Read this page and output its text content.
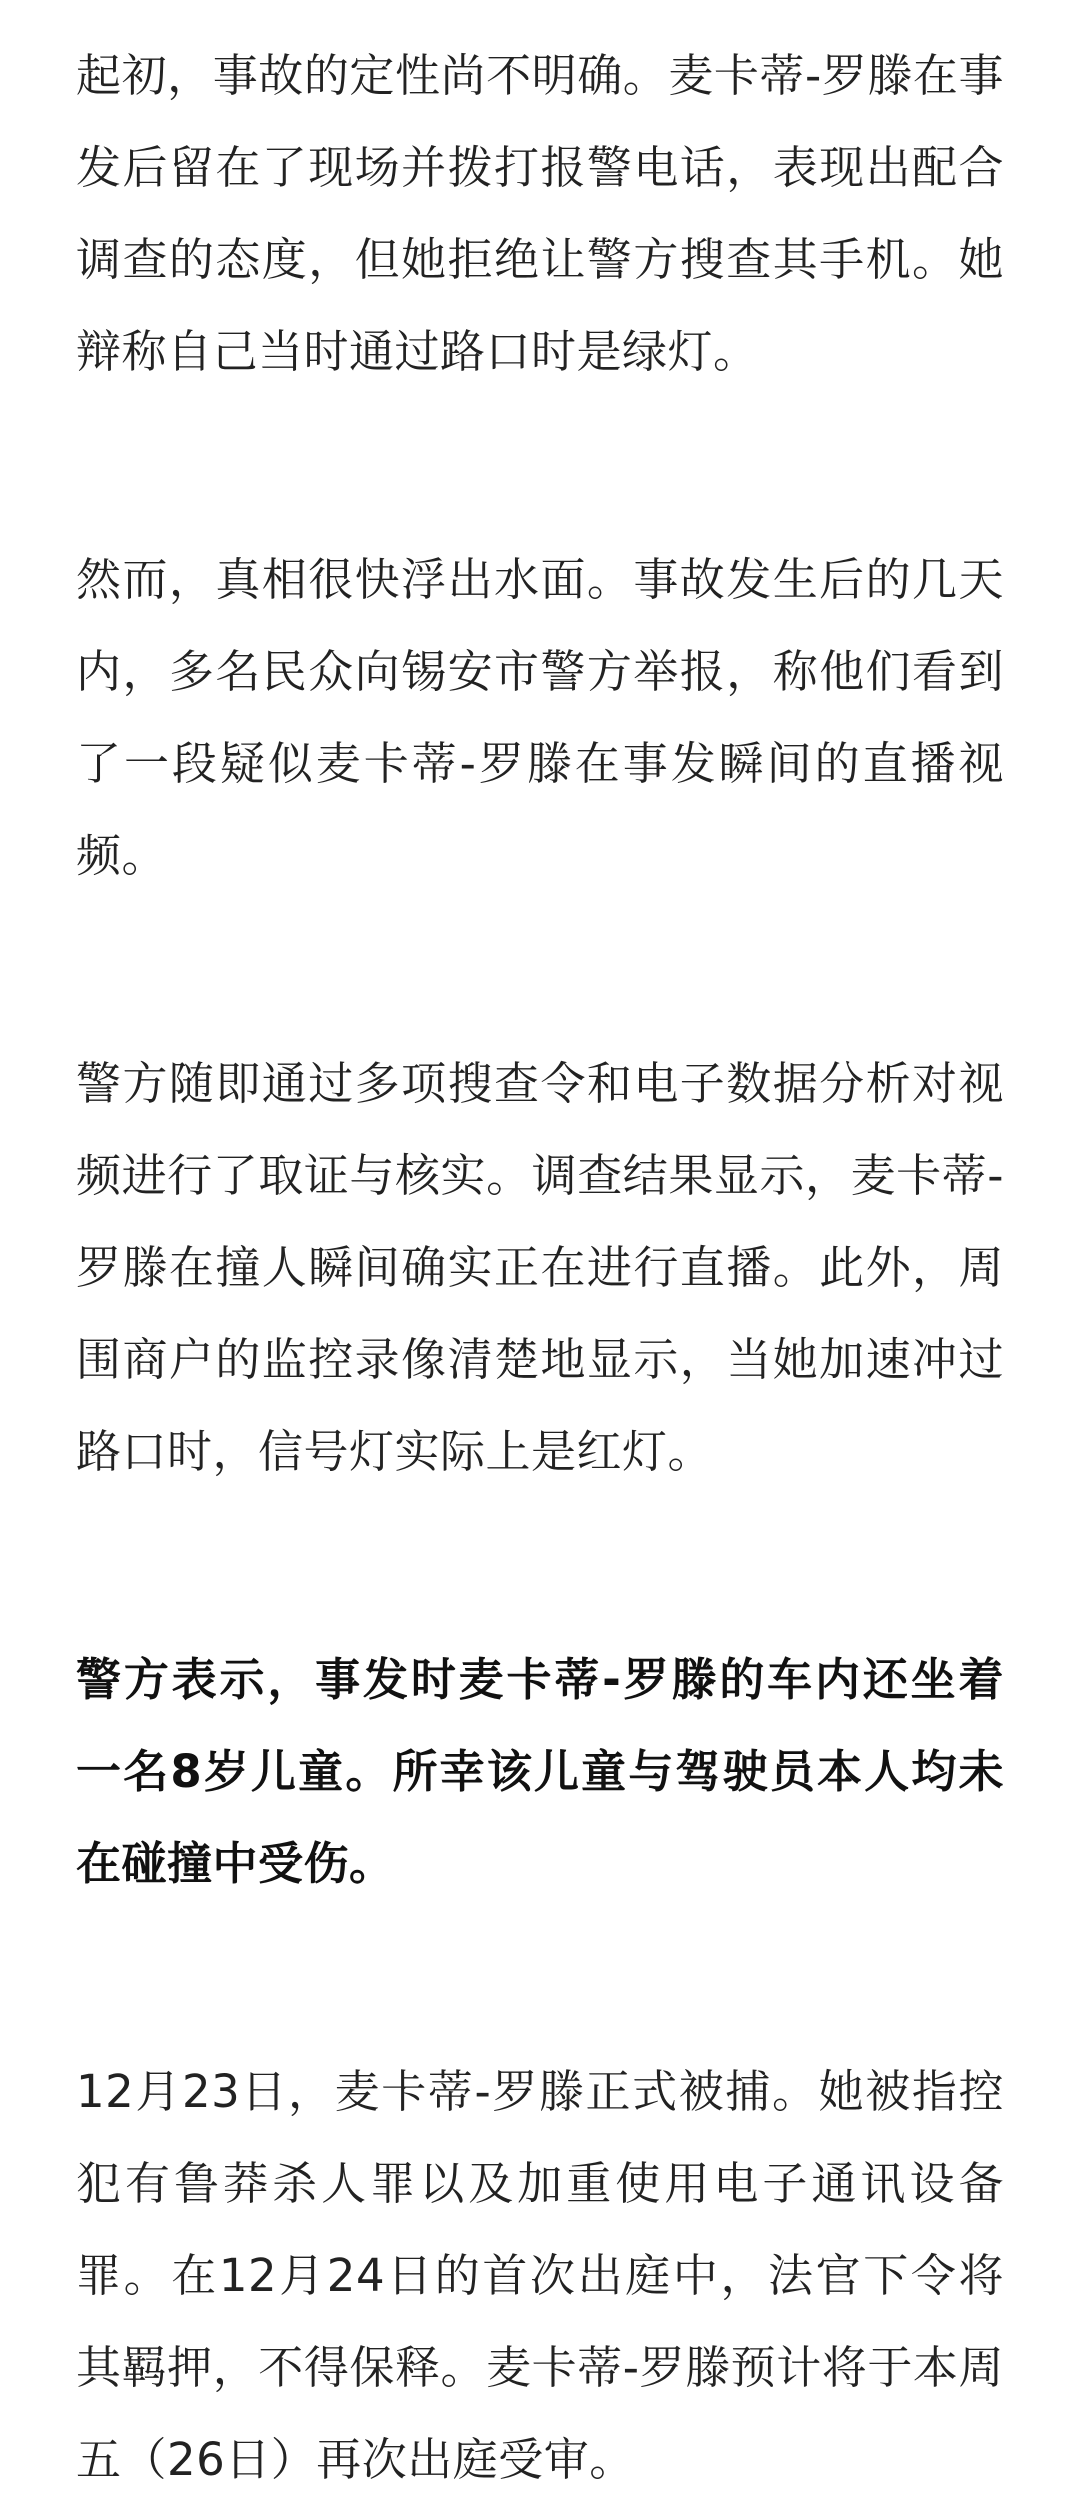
起初，事故的定性尚不明确。麦卡蒂-罗滕在事发后留在了现场并拨打报警电话，表现出配合调查的态度，但她拒绝让警方搜查其手机。她辩称自己当时通过路口时是绿灯。

然而，真相很快浮出水面。事故发生后的几天内，多名民众向锡安市警方举报，称他们看到了一段疑似麦卡蒂-罗滕在事发瞬间的直播视频。

警方随即通过多项搜查令和电子数据分析对视频进行了取证与核实。调查结果显示，麦卡蒂-罗滕在撞人瞬间确实正在进行直播。此外，周围商户的监控录像清楚地显示，当她加速冲过路口时，信号灯实际上是红灯。

警方表示，事发时麦卡蒂-罗滕的车内还坐着一名8岁儿童。所幸该儿童与驾驶员本人均未在碰撞中受伤。

12月23日，麦卡蒂-罗滕正式被捕。她被指控犯有鲁莽杀人罪以及加重使用电子通讯设备罪。在12月24日的首次出庭中，法官下令将其羁押，不得保释。麦卡蒂-罗滕预计将于本周五（26日）再次出庭受审。
